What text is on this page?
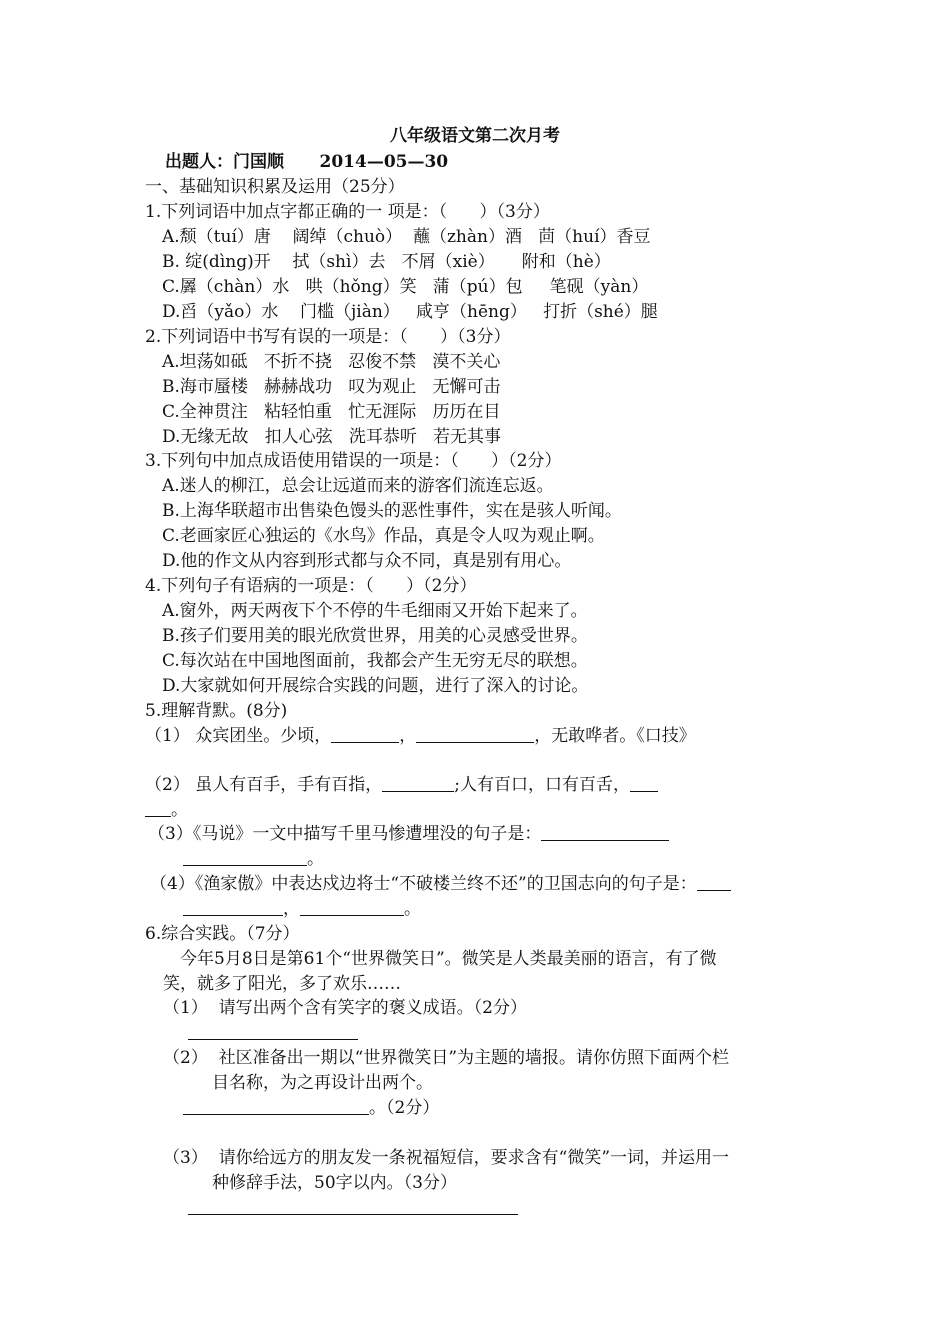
八年级语文第二次月考
出题人：门国顺      2014—05—30
一、基础知识积累及运用（25分）
1.下列词语中加点字都正确的一 项是：（      ）（3分）
A.颓（tuí）唐    阔绰（chuò）  蘸（zhàn）酒   茴（huí）香豆
B. 绽(dìng)开    拭（shì）去   不屑（xiè）     附和（hè）
C.羼（chàn）水   哄（hǒng）笑   蒲（pú）包     笔砚（yàn）
D.舀（yǎo）水    门槛（jiàn）   咸亨（hēng）   打折（shé）腿
2.下列词语中书写有误的一项是：（      ）（3分）
A.坦荡如砥   不折不挠   忍俊不禁   漠不关心
B.海市蜃楼   赫赫战功   叹为观止   无懈可击
C.全神贯注   粘轻怕重   忙无涯际   历历在目
D.无缘无故   扣人心弦   洗耳恭听   若无其事
3.下列句中加点成语使用错误的一项是：（      ）（2分）
A.迷人的柳江，总会让远道而来的游客们流连忘返。
B.上海华联超市出售染色馒头的恶性事件，实在是骇人听闻。
C.老画家匠心独运的《水鸟》作品，真是令人叹为观止啊。
D.他的作文从内容到形式都与众不同，真是别有用心。
4.下列句子有语病的一项是：（      ）（2分）
A.窗外，两天两夜下个不停的牛毛细雨又开始下起来了。
B.孩子们要用美的眼光欣赏世界，用美的心灵感受世界。
C.每次站在中国地图面前，我都会产生无穷无尽的联想。
D.大家就如何开展综合实践的问题，进行了深入的讨论。
5.理解背默。(8分)
（1） 众宾团坐。少顷，	，	，无敢哗者。《口技》
（2） 虽人有百手，手有百指，	;人有百口，口有百舌，
。
（3）《马说》一文中描写千里马惨遭埋没的句子是：
。
（4）《渔家傲》中表达戍边将士“不破楼兰终不还”的卫国志向的句子是：
，	。
6.综合实践。（7分）
今年5月8日是第61个“世界微笑日”。微笑是人类最美丽的语言，有了微
笑，就多了阳光，多了欢乐……
（1）  请写出两个含有笑字的褒义成语。（2分）
（2）  社区准备出一期以“世界微笑日”为主题的墙报。请你仿照下面两个栏
目名称，为之再设计出两个。
。（2分）
（3）  请你给远方的朋友发一条祝福短信，要求含有“微笑”一词，并运用一
种修辞手法，50字以内。（3分）
